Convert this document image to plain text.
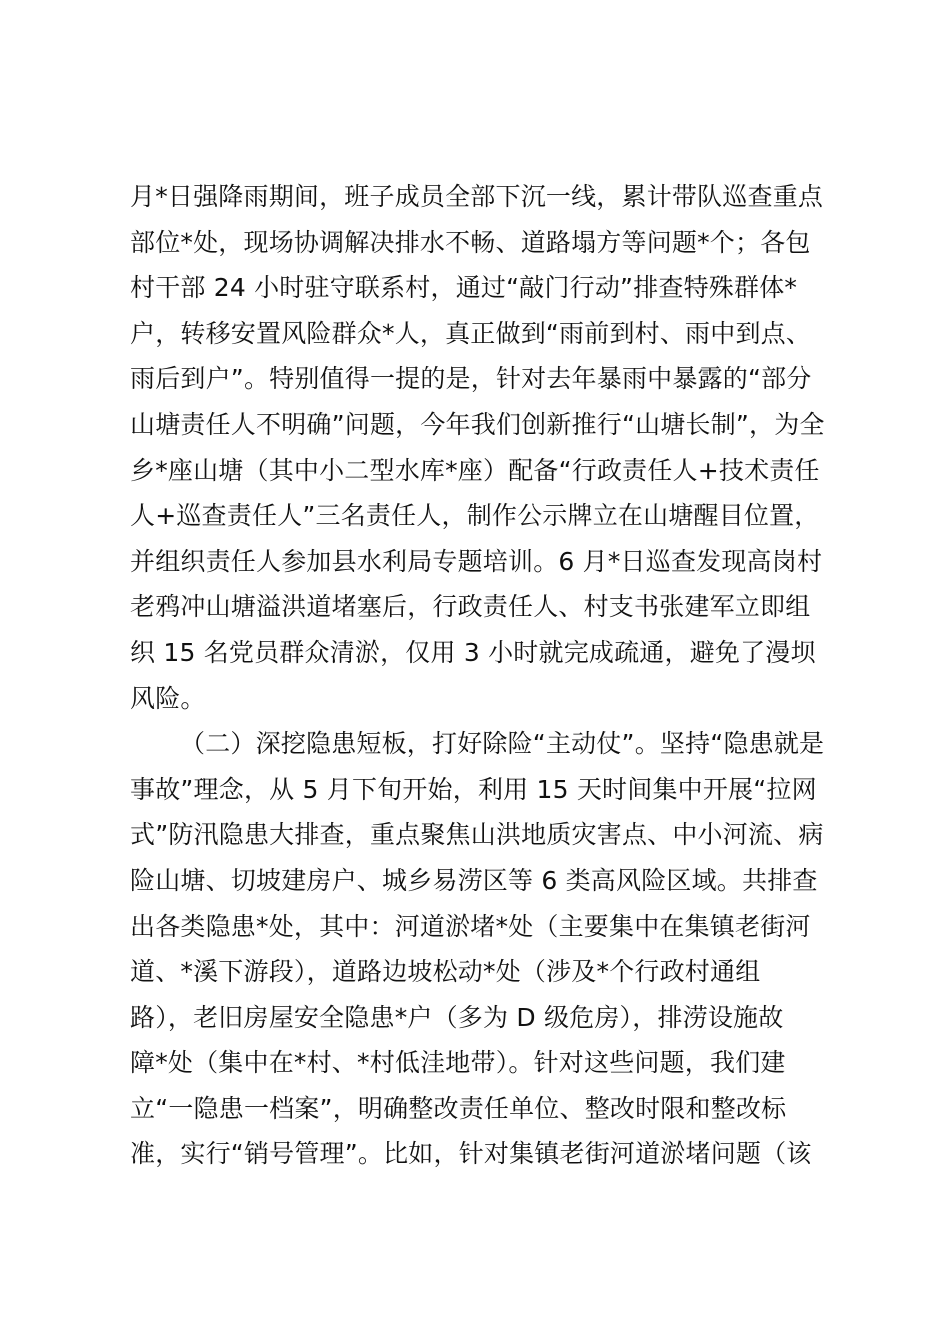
月*日强降雨期间，班子成员全部下沉一线，累计带队巡查重点
部位*处，现场协调解决排水不畅、道路塌方等问题*个；各包
村干部 24 小时驻守联系村，通过“敲门行动”排查特殊群体*
户，转移安置风险群众*人，真正做到“雨前到村、雨中到点、
雨后到户”。特别值得一提的是，针对去年暴雨中暴露的“部分
山塘责任人不明确”问题，今年我们创新推行“山塘长制”，为全
乡*座山塘（其中小二型水库*座）配备“行政责任人+技术责任
人+巡查责任人”三名责任人，制作公示牌立在山塘醒目位置，
并组织责任人参加县水利局专题培训。6 月*日巡查发现高岗村
老鸦冲山塘溢洪道堵塞后，行政责任人、村支书张建军立即组
织 15 名党员群众清淤，仅用 3 小时就完成疏通，避免了漫坝
风险。
（二）深挖隐患短板，打好除险“主动仗”。坚持“隐患就是
事故”理念，从 5 月下旬开始，利用 15 天时间集中开展“拉网
式”防汛隐患大排查，重点聚焦山洪地质灾害点、中小河流、病
险山塘、切坡建房户、城乡易涝区等 6 类高风险区域。共排查
出各类隐患*处，其中：河道淤堵*处（主要集中在集镇老街河
道、*溪下游段），道路边坡松动*处（涉及*个行政村通组
路），老旧房屋安全隐患*户（多为 D 级危房），排涝设施故
障*处（集中在*村、*村低洼地带）。针对这些问题，我们建
立“一隐患一档案”，明确整改责任单位、整改时限和整改标
准，实行“销号管理”。比如，针对集镇老街河道淤堵问题（该
